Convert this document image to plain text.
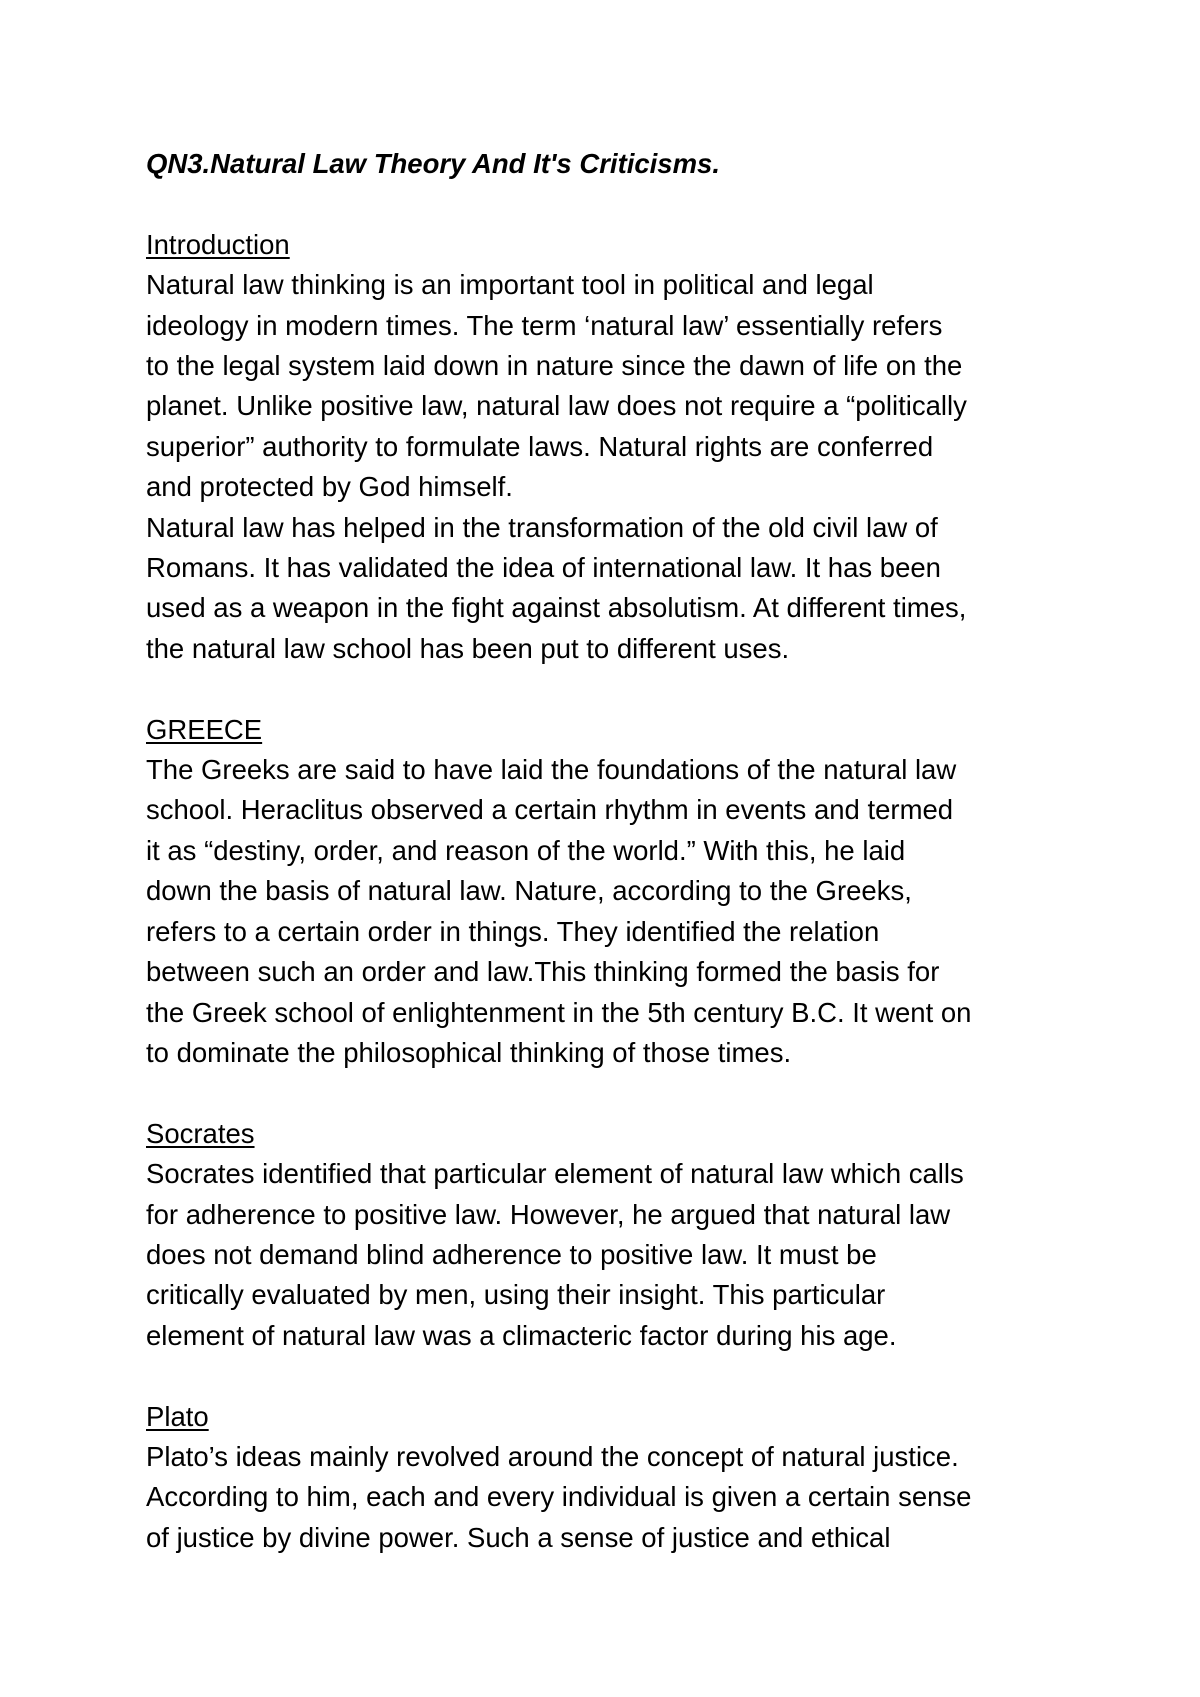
QN3.Natural Law Theory And It's Criticisms.
Introduction

Natural law thinking is an important tool in political and legal
ideology in modern times. The term ‘natural law’ essentially refers
to the legal system laid down in nature since the dawn of life on the
planet. Unlike positive law, natural law does not require a “politically
superior” authority to formulate laws. Natural rights are conferred
and protected by God himself.

Natural law has helped in the transformation of the old civil law of
Romans. It has validated the idea of international law. It has been
used as a weapon in the fight against absolutism. At different times,
the natural law school has been put to different uses.

GREECE

The Greeks are said to have laid the foundations of the natural law
school. Heraclitus observed a certain rhythm in events and termed
it as “destiny, order, and reason of the world.” With this, he laid
down the basis of natural law. Nature, according to the Greeks,
refers to a certain order in things. They identified the relation
between such an order and law.This thinking formed the basis for
the Greek school of enlightenment in the 5th century B.C. It went on
to dominate the philosophical thinking of those times.

Socrates

Socrates identified that particular element of natural law which calls
for adherence to positive law. However, he argued that natural law
does not demand blind adherence to positive law. It must be
critically evaluated by men, using their insight. This particular
element of natural law was a climacteric factor during his age.

Plato

Plato’s ideas mainly revolved around the concept of natural justice.
According to him, each and every individual is given a certain sense
of justice by divine power. Such a sense of justice and ethical
